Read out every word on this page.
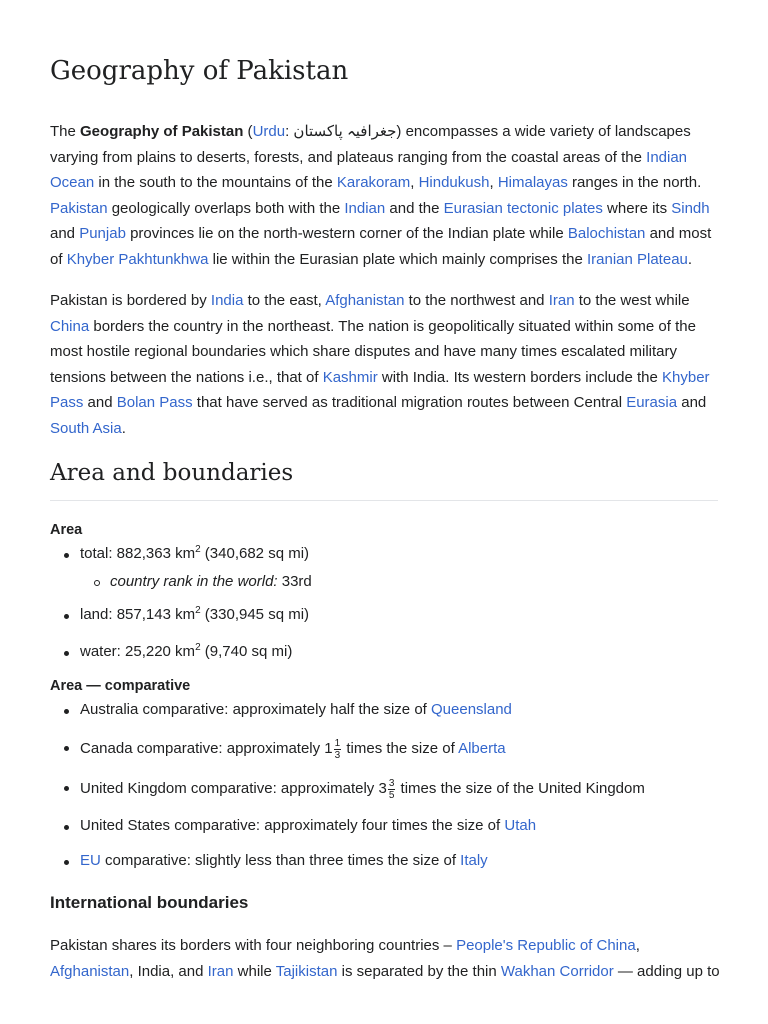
Geography of Pakistan

The Geography of Pakistan (Urdu: جغرافیہ پاکستان) encompasses a wide variety of landscapes varying from plains to deserts, forests, and plateaus ranging from the coastal areas of the Indian Ocean in the south to the mountains of the Karakoram, Hindukush, Himalayas ranges in the north. Pakistan geologically overlaps both with the Indian and the Eurasian tectonic plates where its Sindh and Punjab provinces lie on the north-western corner of the Indian plate while Balochistan and most of Khyber Pakhtunkhwa lie within the Eurasian plate which mainly comprises the Iranian Plateau.

Pakistan is bordered by India to the east, Afghanistan to the northwest and Iran to the west while China borders the country in the northeast. The nation is geopolitically situated within some of the most hostile regional boundaries which share disputes and have many times escalated military tensions between the nations i.e., that of Kashmir with India. Its western borders include the Khyber Pass and Bolan Pass that have served as traditional migration routes between Central Eurasia and South Asia.

Area and boundaries
Area
total: 882,363 $km^2$ (340,682 sq mi)
country rank in the world: 33rd
land: 857,143 $km^2$ (330,945 sq mi)
water: 25,220 $km^2$ (9,740 sq mi)
Area — comparative
Australia comparative: approximately half the size of Queensland
Canada comparative: approximately $1 \frac{1}{3}$ times the size of Alberta
United Kingdom comparative: approximately $3 \frac{3}{5}$ times the size of the United Kingdom
United States comparative: approximately four times the size of Utah
EU comparative: slightly less than three times the size of Italy
International boundaries

Pakistan shares its borders with four neighboring countries – People's Republic of China, Afghanistan, India, and Iran while Tajikistan is separated by the thin Wakhan Corridor — adding up to
